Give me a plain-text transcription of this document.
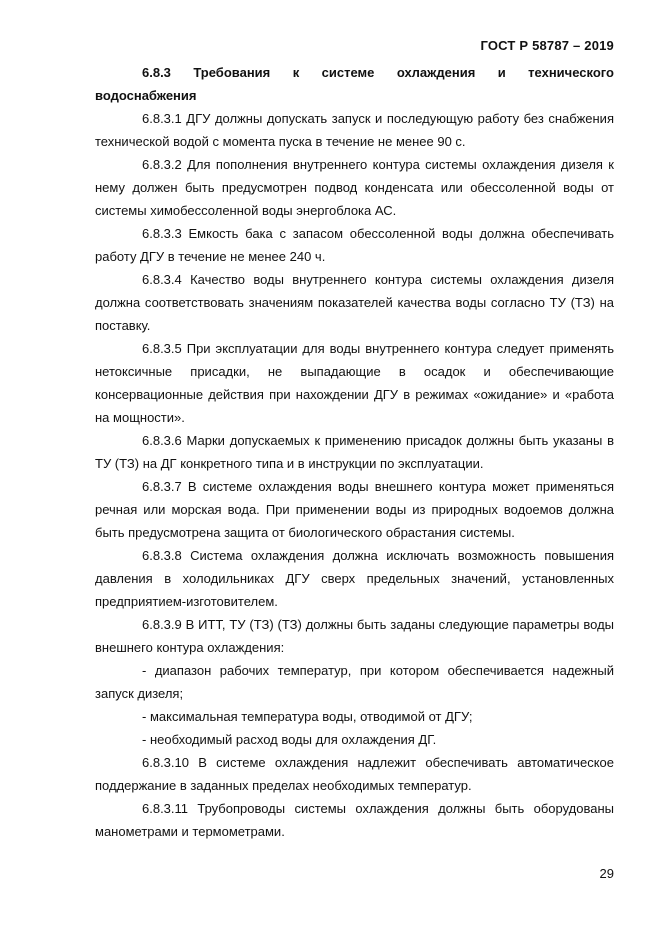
ГОСТ Р 58787 – 2019
6.8.3 Требования к системе охлаждения и технического

водоснабжения

6.8.3.1 ДГУ должны допускать запуск и последующую работу без снабжения технической водой с момента пуска в течение не менее 90 с.

6.8.3.2 Для пополнения внутреннего контура системы охлаждения дизеля к нему должен быть предусмотрен подвод конденсата или обессоленной воды от системы химобессоленной воды энергоблока АС.

6.8.3.3 Емкость бака с запасом обессоленной воды должна обеспечивать работу ДГУ в течение не менее 240 ч.

6.8.3.4 Качество воды внутреннего контура системы охлаждения дизеля должна соответствовать значениям показателей качества воды согласно ТУ (ТЗ) на поставку.

6.8.3.5 При эксплуатации для воды внутреннего контура следует применять нетоксичные присадки, не выпадающие в осадок и обеспечивающие консервационные действия при нахождении ДГУ в режимах «ожидание» и «работа на мощности».

6.8.3.6 Марки допускаемых к применению присадок должны быть указаны в ТУ (ТЗ) на ДГ конкретного типа и в инструкции по эксплуатации.

6.8.3.7 В системе охлаждения воды внешнего контура может применяться речная или морская вода. При применении воды из природных водоемов должна быть предусмотрена защита от биологического обрастания системы.

6.8.3.8 Система охлаждения должна исключать возможность повышения давления в холодильниках ДГУ сверх предельных значений, установленных предприятием-изготовителем.

6.8.3.9 В ИТТ, ТУ (ТЗ) (ТЗ) должны быть заданы следующие параметры воды внешнего контура охлаждения:

- диапазон рабочих температур, при котором обеспечивается надежный запуск дизеля;

- максимальная температура воды, отводимой от ДГУ;

- необходимый расход воды для охлаждения ДГ.

6.8.3.10 В системе охлаждения надлежит обеспечивать автоматическое поддержание в заданных пределах необходимых температур.

6.8.3.11 Трубопроводы системы охлаждения должны быть оборудованы манометрами и термометрами.

29
